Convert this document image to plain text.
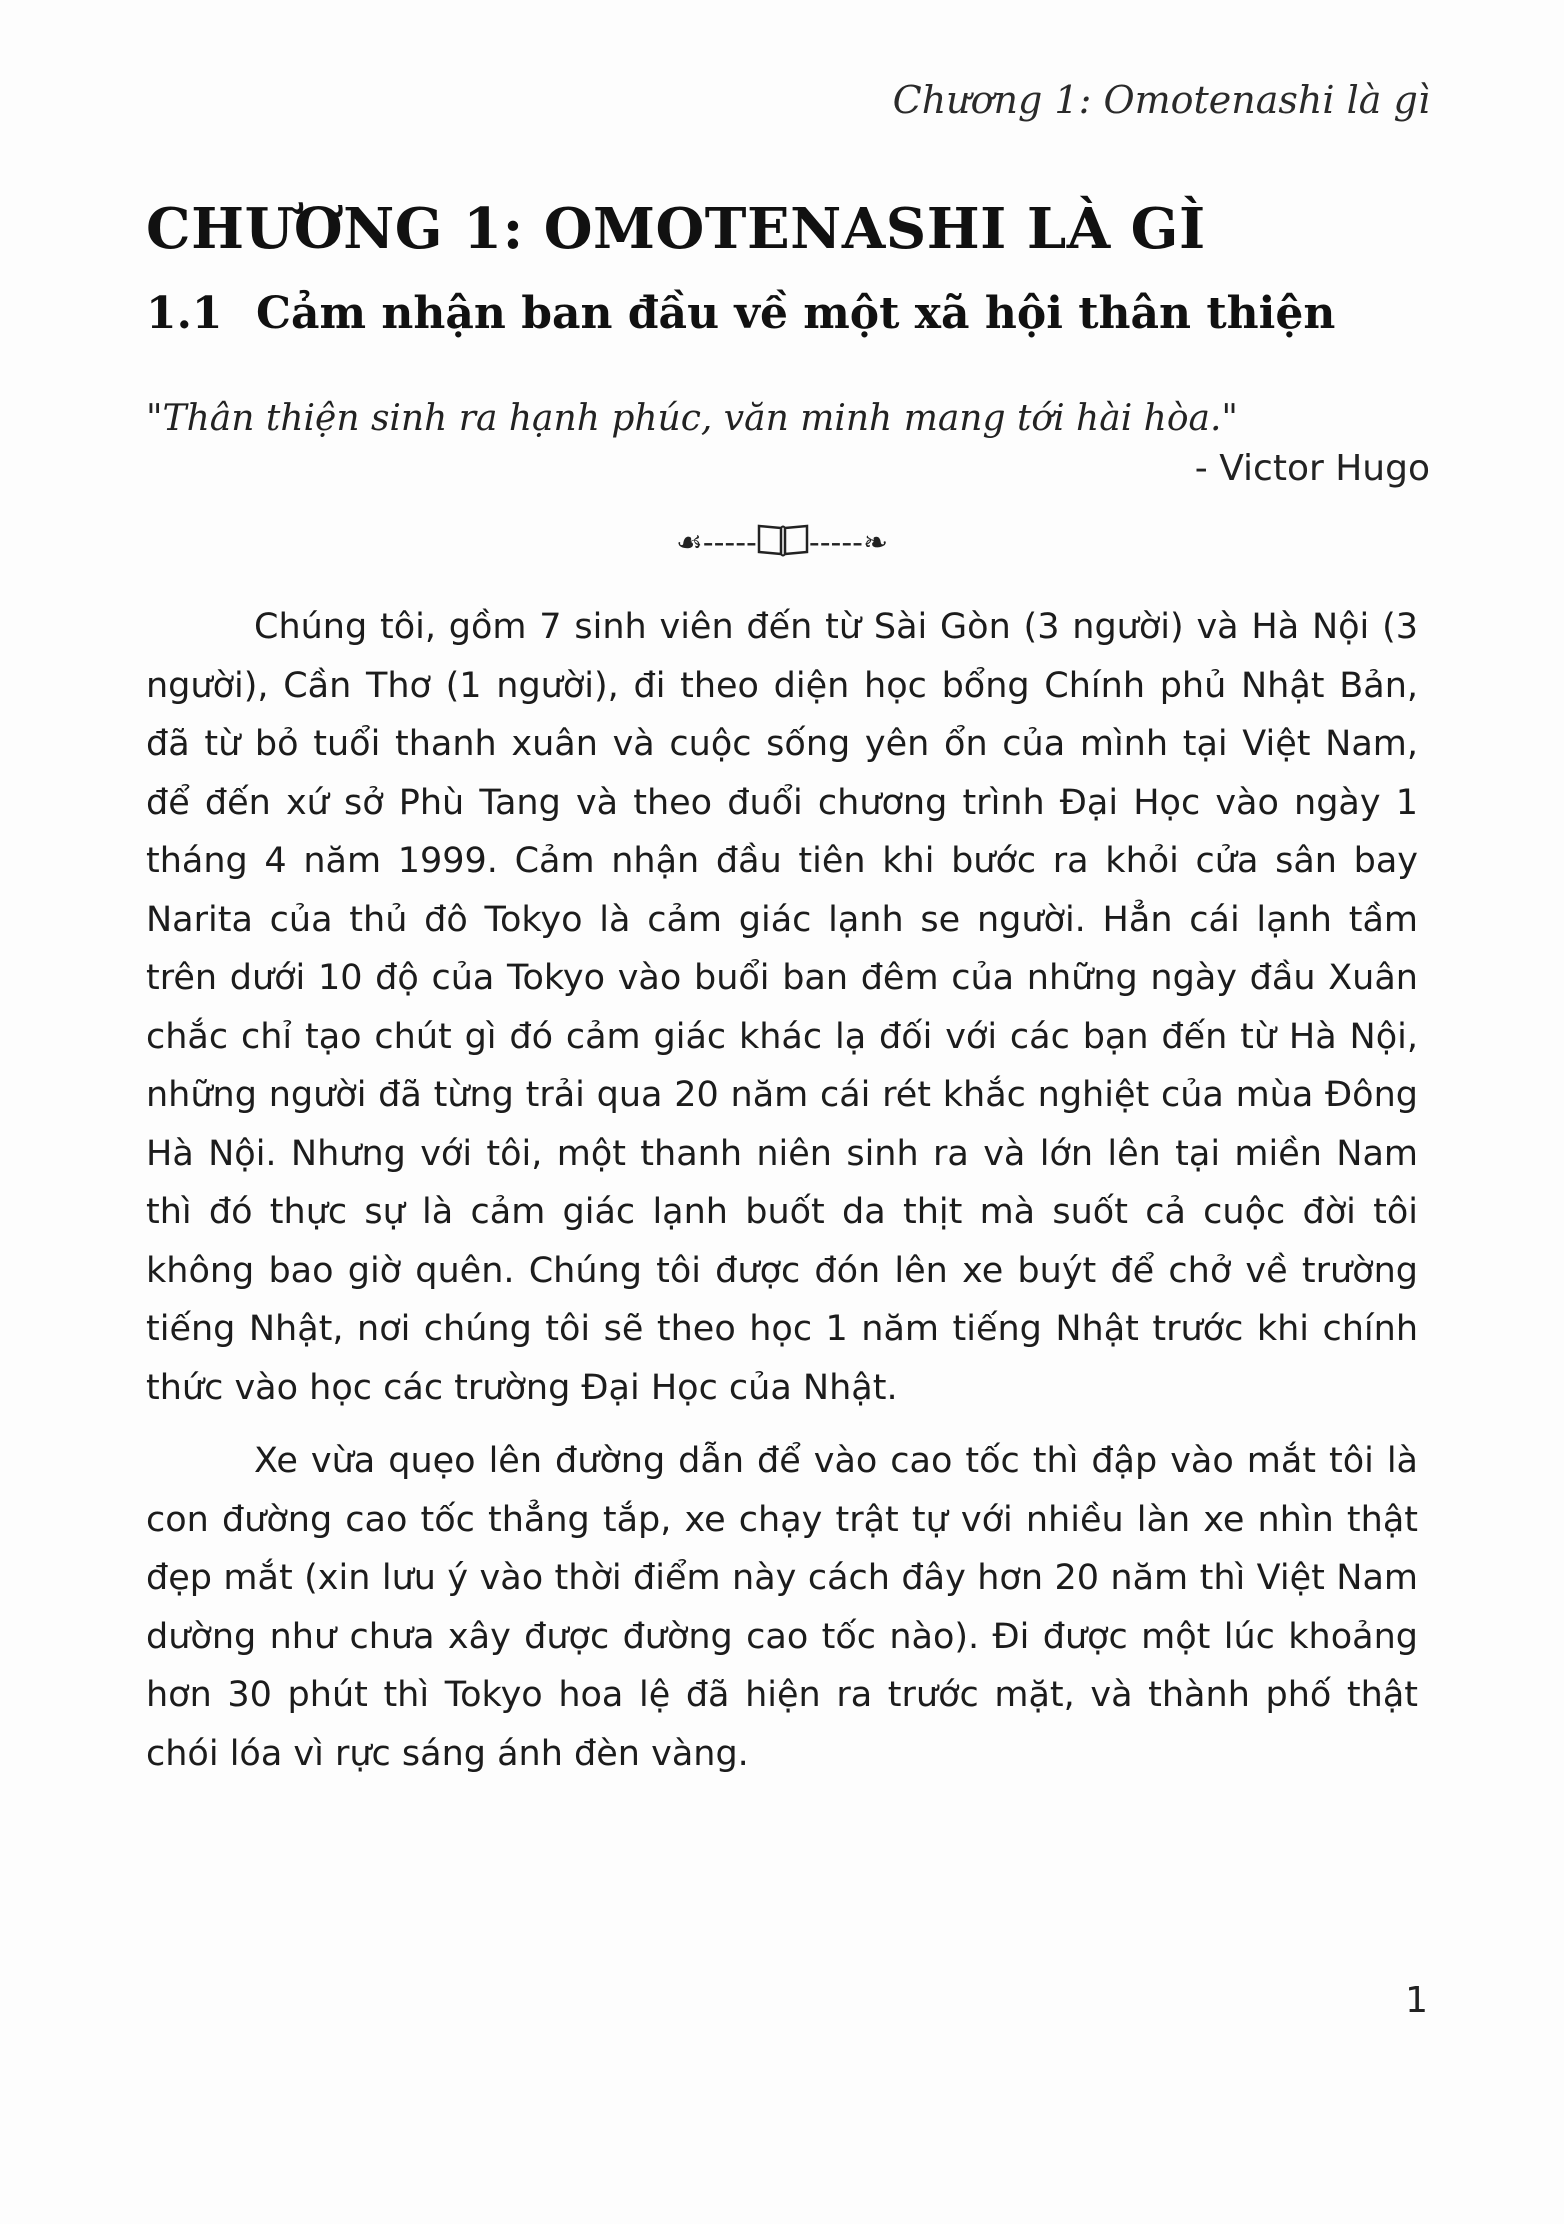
Chương 1: Omotenashi là gì
CHƯƠNG 1: OMOTENASHI LÀ GÌ
1.1 Cảm nhận ban đầu về một xã hội thân thiện
"Thân thiện sinh ra hạnh phúc, văn minh mang tới hài hòa."
- Victor Hugo
☙----- -----❧

Chúng tôi, gồm 7 sinh viên đến từ Sài Gòn (3 người) và Hà Nội (3 người), Cần Thơ (1 người), đi theo diện học bổng Chính phủ Nhật Bản, đã từ bỏ tuổi thanh xuân và cuộc sống yên ổn của mình tại Việt Nam, để đến xứ sở Phù Tang và theo đuổi chương trình Đại Học vào ngày 1 tháng 4 năm 1999. Cảm nhận đầu tiên khi bước ra khỏi cửa sân bay Narita của thủ đô Tokyo là cảm giác lạnh se người. Hẳn cái lạnh tầm trên dưới 10 độ của Tokyo vào buổi ban đêm của những ngày đầu Xuân chắc chỉ tạo chút gì đó cảm giác khác lạ đối với các bạn đến từ Hà Nội, những người đã từng trải qua 20 năm cái rét khắc nghiệt của mùa Đông Hà Nội. Nhưng với tôi, một thanh niên sinh ra và lớn lên tại miền Nam thì đó thực sự là cảm giác lạnh buốt da thịt mà suốt cả cuộc đời tôi không bao giờ quên. Chúng tôi được đón lên xe buýt để chở về trường tiếng Nhật, nơi chúng tôi sẽ theo học 1 năm tiếng Nhật trước khi chính thức vào học các trường Đại Học của Nhật.

Xe vừa quẹo lên đường dẫn để vào cao tốc thì đập vào mắt tôi là con đường cao tốc thẳng tắp, xe chạy trật tự với nhiều làn xe nhìn thật đẹp mắt (xin lưu ý vào thời điểm này cách đây hơn 20 năm thì Việt Nam dường như chưa xây được đường cao tốc nào). Đi được một lúc khoảng hơn 30 phút thì Tokyo hoa lệ đã hiện ra trước mặt, và thành phố thật chói lóa vì rực sáng ánh đèn vàng.

1
